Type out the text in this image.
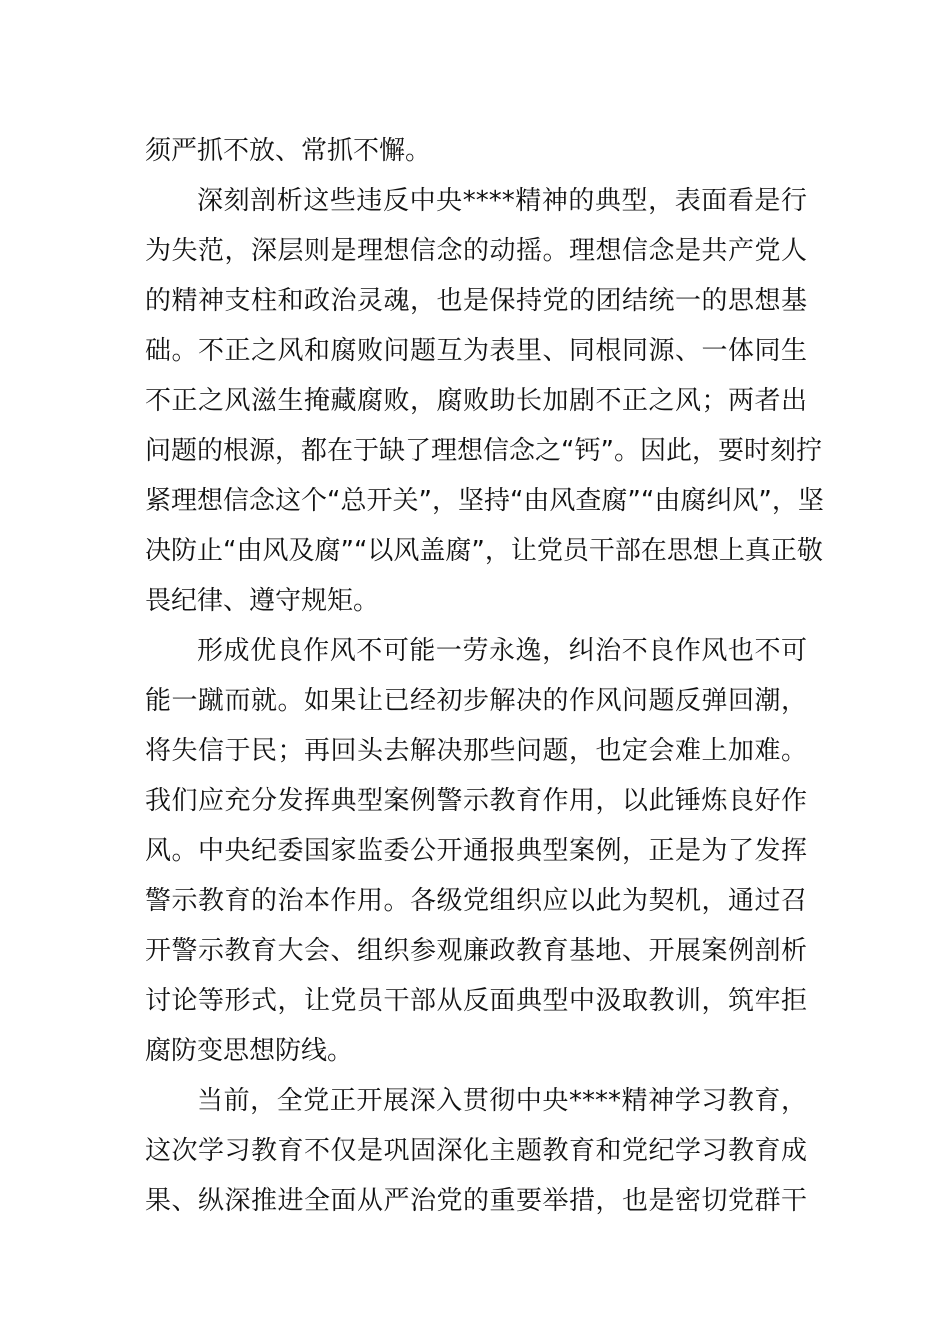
须严抓不放、常抓不懈。
深刻剖析这些违反中央****精神的典型，表面看是行
为失范，深层则是理想信念的动摇。理想信念是共产党人
的精神支柱和政治灵魂，也是保持党的团结统一的思想基
础。不正之风和腐败问题互为表里、同根同源、一体同生
不正之风滋生掩藏腐败，腐败助长加剧不正之风；两者出
问题的根源，都在于缺了理想信念之“钙”。因此，要时刻拧
紧理想信念这个“总开关”，坚持“由风查腐”“由腐纠风”，坚
决防止“由风及腐”“以风盖腐”，让党员干部在思想上真正敬
畏纪律、遵守规矩。
形成优良作风不可能一劳永逸，纠治不良作风也不可
能一蹴而就。如果让已经初步解决的作风问题反弹回潮，
将失信于民；再回头去解决那些问题，也定会难上加难。
我们应充分发挥典型案例警示教育作用，以此锤炼良好作
风。中央纪委国家监委公开通报典型案例，正是为了发挥
警示教育的治本作用。各级党组织应以此为契机，通过召
开警示教育大会、组织参观廉政教育基地、开展案例剖析
讨论等形式，让党员干部从反面典型中汲取教训，筑牢拒
腐防变思想防线。
当前，全党正开展深入贯彻中央****精神学习教育，
这次学习教育不仅是巩固深化主题教育和党纪学习教育成
果、纵深推进全面从严治党的重要举措，也是密切党群干
